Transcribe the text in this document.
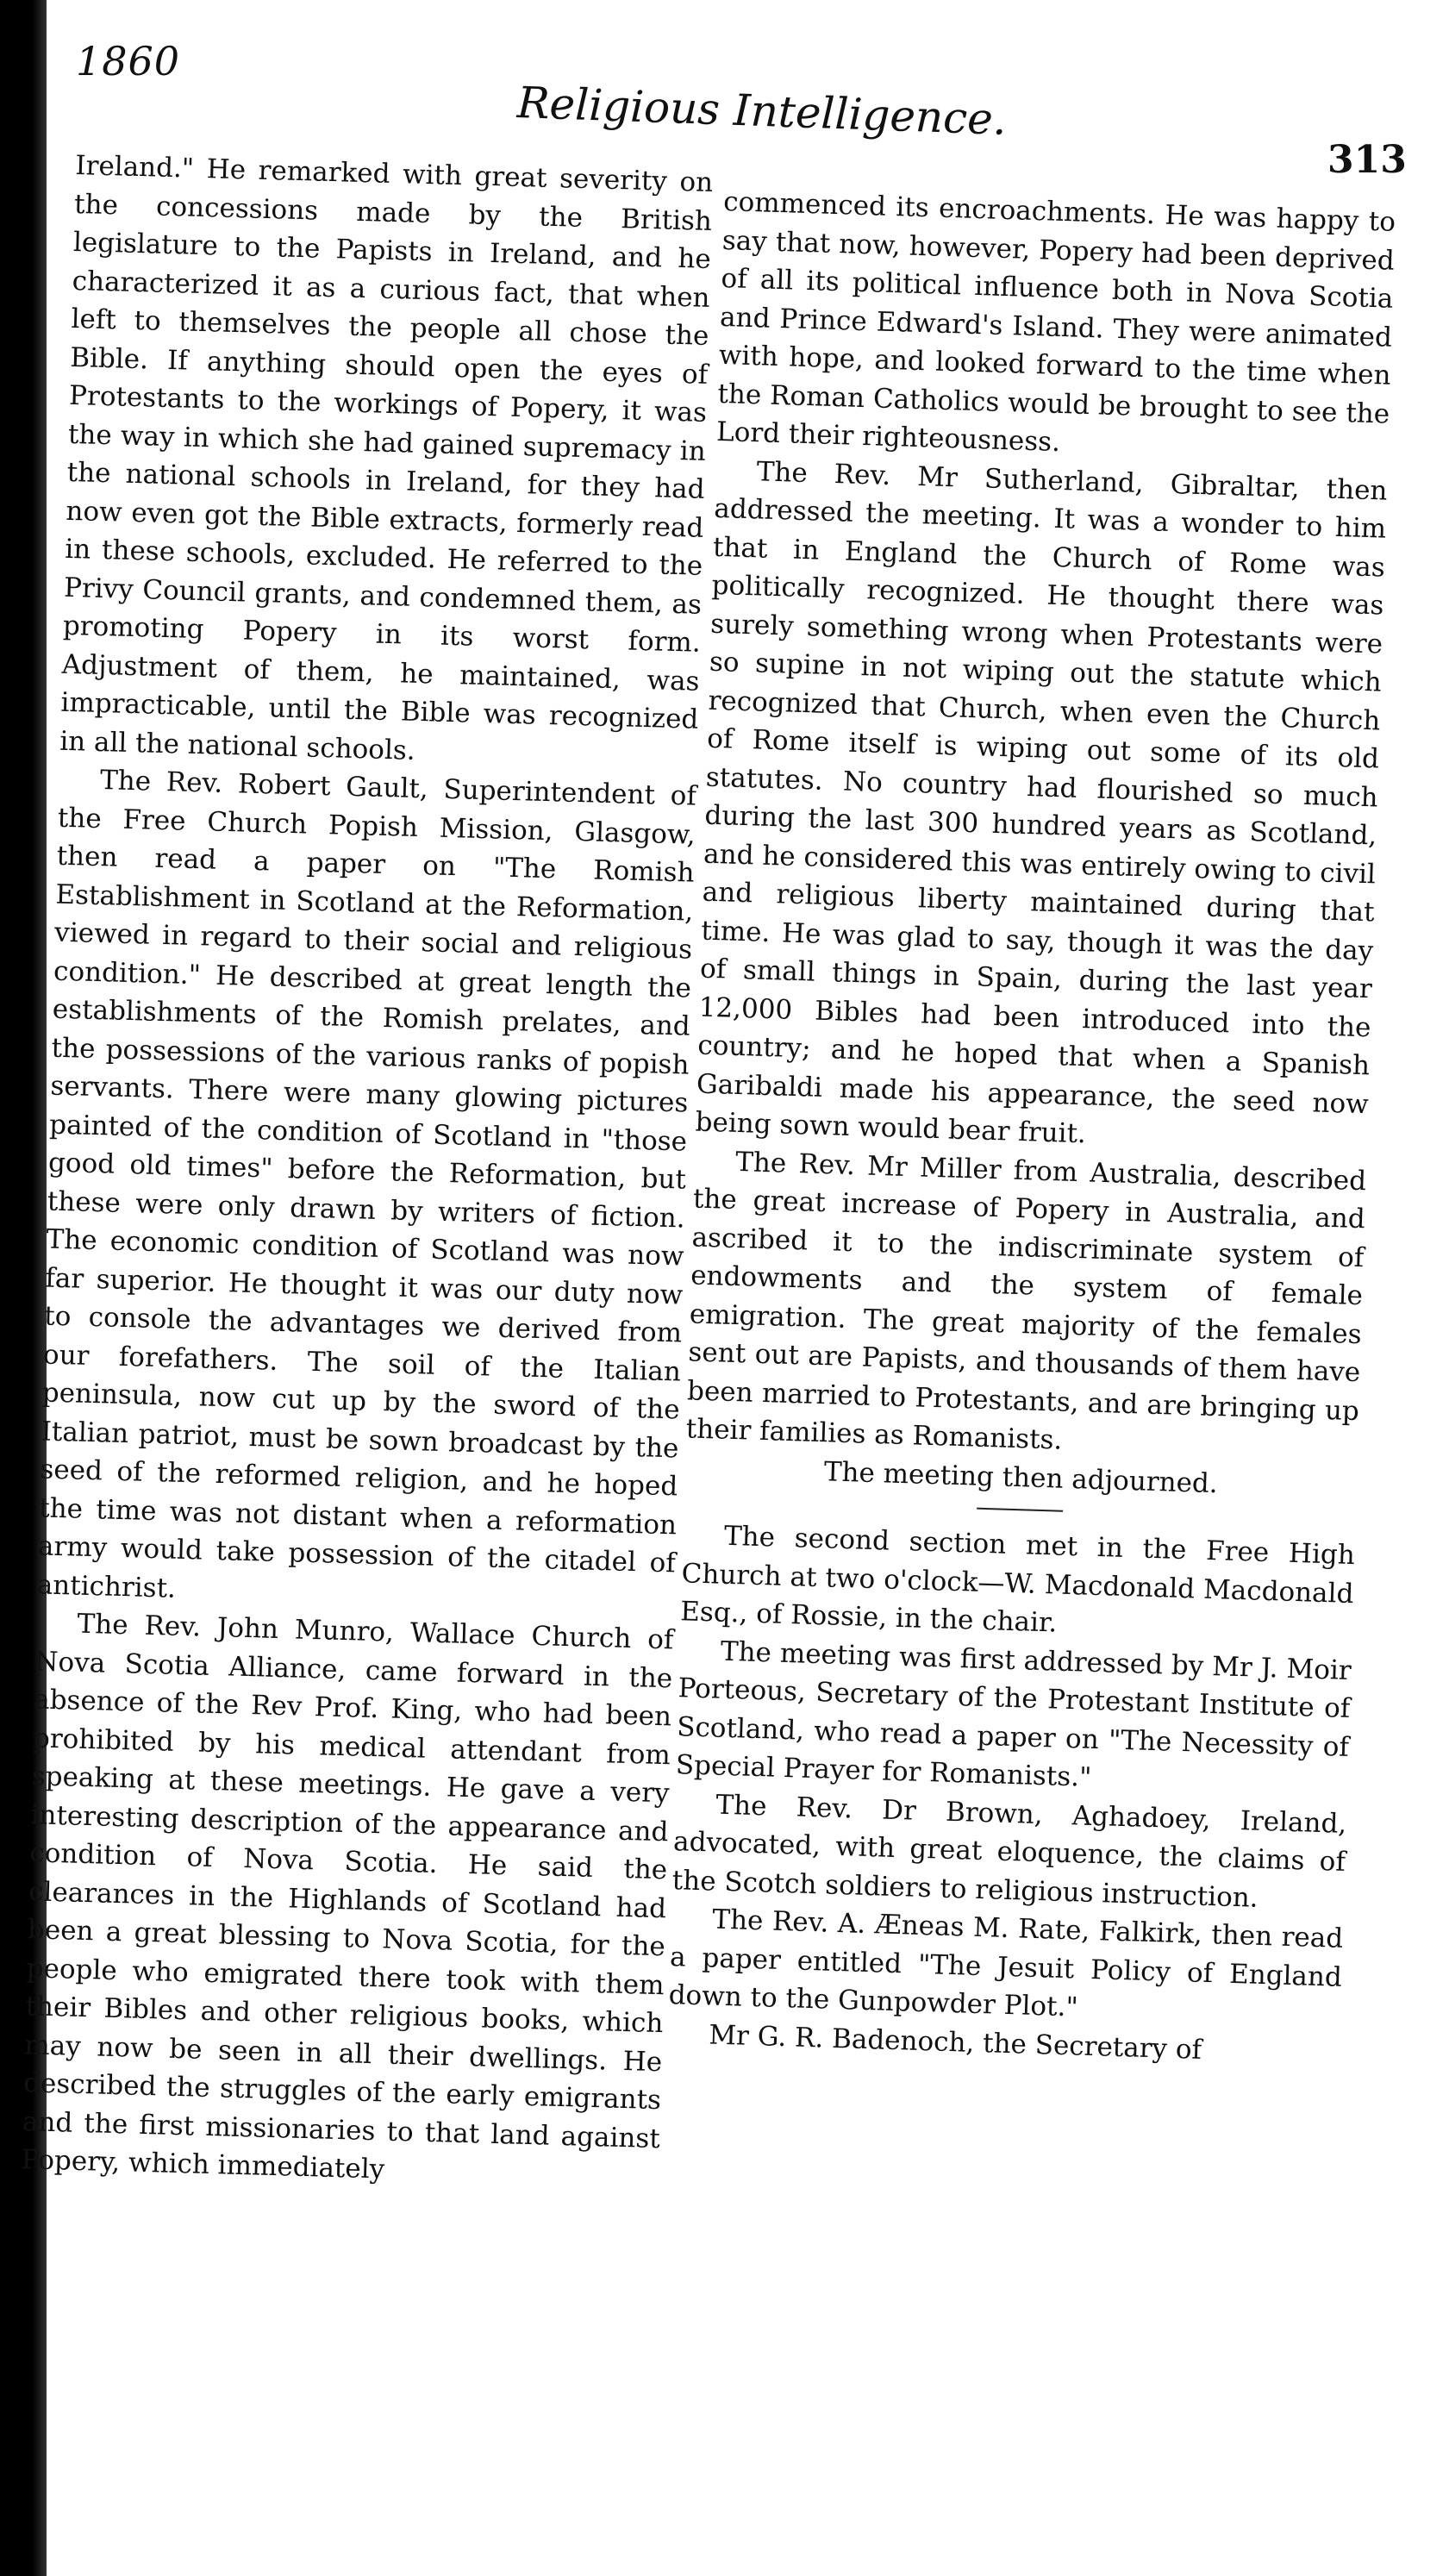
1860
Religious Intelligence.
313

Ireland." He remarked with great severity on the concessions made by the British legislature to the Papists in Ireland, and he characterized it as a curious fact, that when left to themselves the people all chose the Bible. If anything should open the eyes of Protestants to the workings of Popery, it was the way in which she had gained supremacy in the national schools in Ireland, for they had now even got the Bible extracts, formerly read in these schools, excluded. He referred to the Privy Council grants, and condemned them, as promoting Popery in its worst form. Adjustment of them, he maintained, was impracticable, until the Bible was recognized in all the national schools.

The Rev. Robert Gault, Superintendent of the Free Church Popish Mission, Glasgow, then read a paper on "The Romish Establishment in Scotland at the Reformation, viewed in regard to their social and religious condition." He described at great length the establishments of the Romish prelates, and the possessions of the various ranks of popish servants. There were many glowing pictures painted of the condition of Scotland in "those good old times" before the Reformation, but these were only drawn by writers of fiction. The economic condition of Scotland was now far superior. He thought it was our duty now to console the advantages we derived from our forefathers. The soil of the Italian peninsula, now cut up by the sword of the Italian patriot, must be sown broadcast by the seed of the reformed religion, and he hoped the time was not distant when a reformation army would take possession of the citadel of antichrist.

The Rev. John Munro, Wallace Church of Nova Scotia Alliance, came forward in the absence of the Rev Prof. King, who had been prohibited by his medical attendant from speaking at these meetings. He gave a very interesting description of the appearance and condition of Nova Scotia. He said the clearances in the Highlands of Scotland had been a great blessing to Nova Scotia, for the people who emigrated there took with them their Bibles and other religious books, which may now be seen in all their dwellings. He described the struggles of the early emigrants and the first missionaries to that land against Popery, which immediately

commenced its encroachments. He was happy to say that now, however, Popery had been deprived of all its political influence both in Nova Scotia and Prince Edward's Island. They were animated with hope, and looked forward to the time when the Roman Catholics would be brought to see the Lord their righteousness.

The Rev. Mr Sutherland, Gibraltar, then addressed the meeting. It was a wonder to him that in England the Church of Rome was politically recognized. He thought there was surely something wrong when Protestants were so supine in not wiping out the statute which recognized that Church, when even the Church of Rome itself is wiping out some of its old statutes. No country had flourished so much during the last 300 hundred years as Scotland, and he considered this was entirely owing to civil and religious liberty maintained during that time. He was glad to say, though it was the day of small things in Spain, during the last year 12,000 Bibles had been introduced into the country; and he hoped that when a Spanish Garibaldi made his appearance, the seed now being sown would bear fruit.

The Rev. Mr Miller from Australia, described the great increase of Popery in Australia, and ascribed it to the indiscriminate system of endowments and the system of female emigration. The great majority of the females sent out are Papists, and thousands of them have been married to Protestants, and are bringing up their families as Romanists.

The meeting then adjourned.

The second section met in the Free High Church at two o'clock—W. Macdonald Macdonald Esq., of Rossie, in the chair.

The meeting was first addressed by Mr J. Moir Porteous, Secretary of the Protestant Institute of Scotland, who read a paper on "The Necessity of Special Prayer for Romanists."

The Rev. Dr Brown, Aghadoey, Ireland, advocated, with great eloquence, the claims of the Scotch soldiers to religious instruction.

The Rev. A. Æneas M. Rate, Falkirk, then read a paper entitled "The Jesuit Policy of England down to the Gunpowder Plot."

Mr G. R. Badenoch, the Secretary of
